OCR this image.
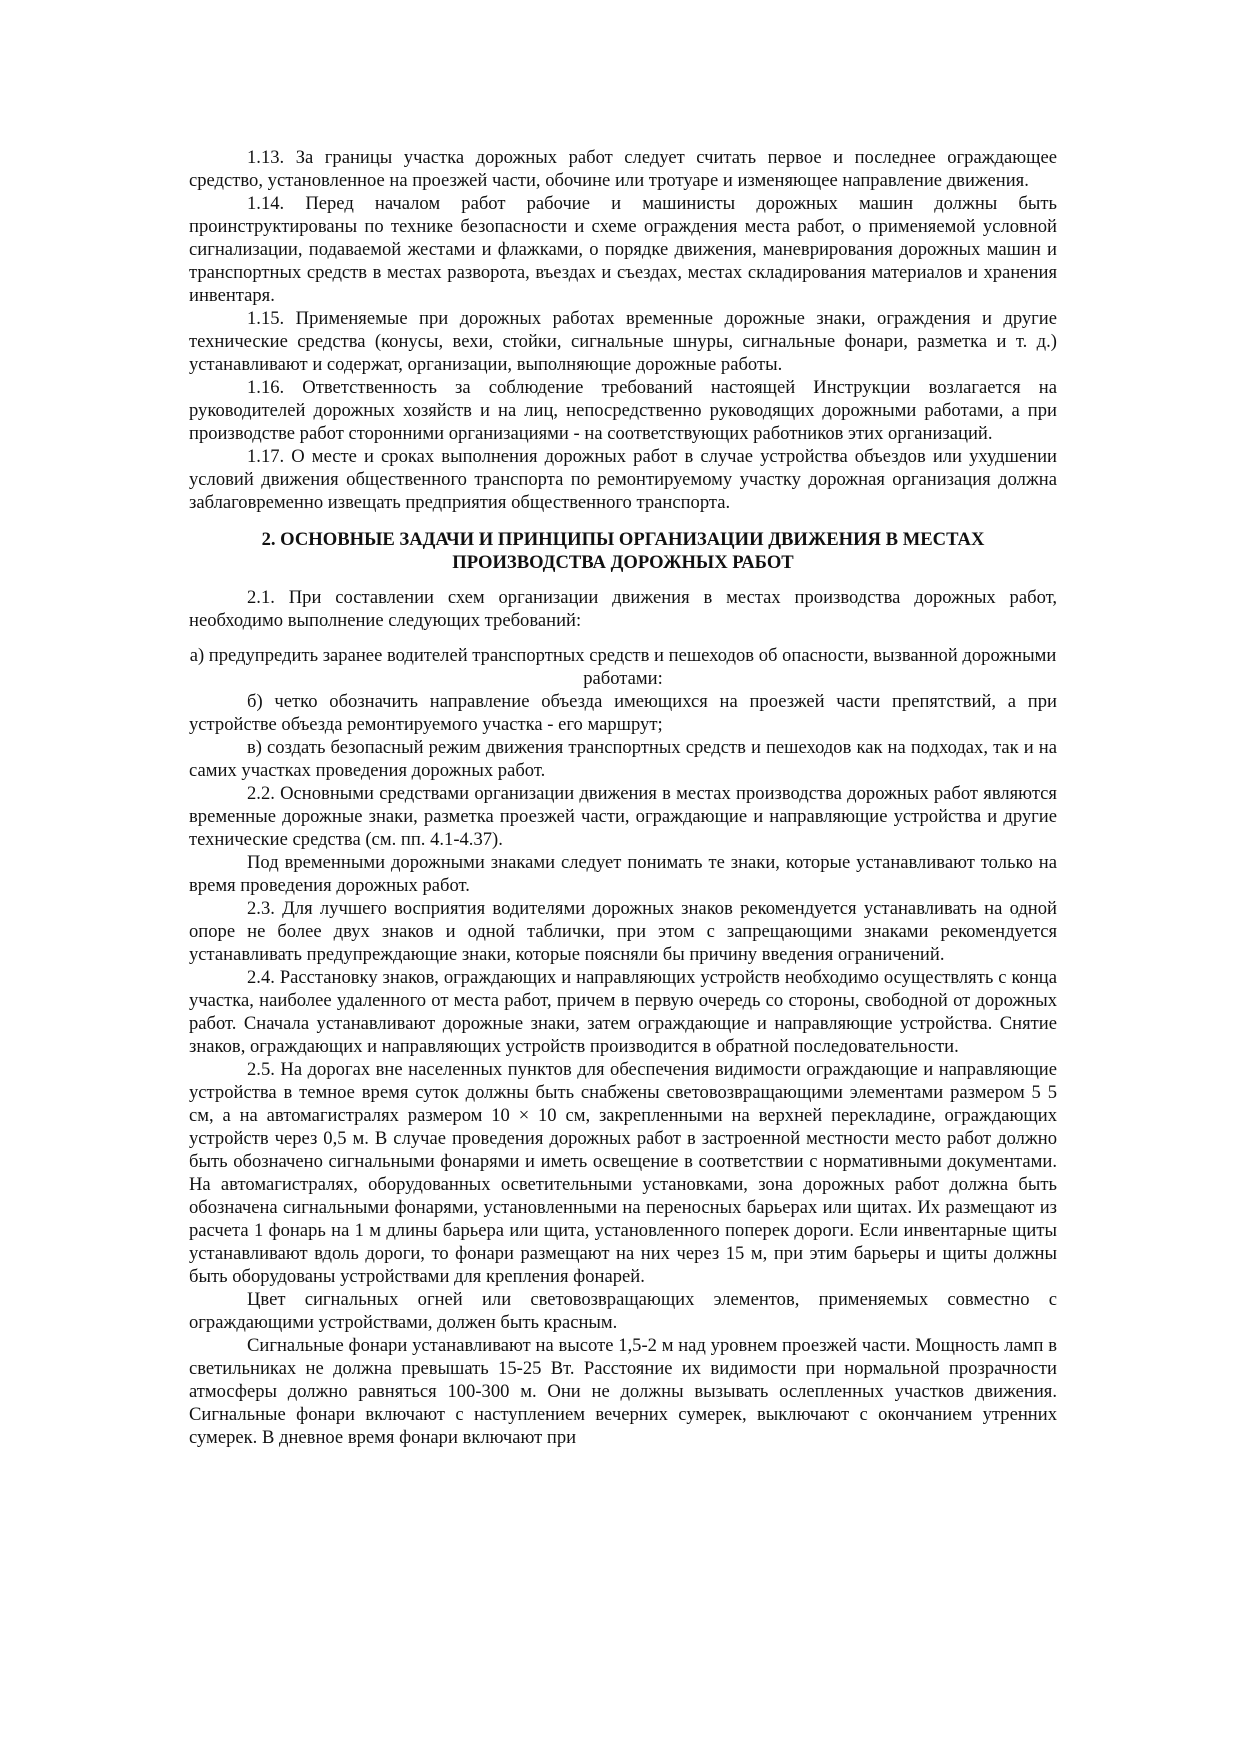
1.13. За границы участка дорожных работ следует считать первое и последнее ограждающее средство, установленное на проезжей части, обочине или тротуаре и изменяющее направление движения.

1.14. Перед началом работ рабочие и машинисты дорожных машин должны быть проинструктированы по технике безопасности и схеме ограждения места работ, о применяемой условной сигнализации, подаваемой жестами и флажками, о порядке движения, маневрирования дорожных машин и транспортных средств в местах разворота, въездах и съездах, местах складирования материалов и хранения инвентаря.

1.15. Применяемые при дорожных работах временные дорожные знаки, ограждения и другие технические средства (конусы, вехи, стойки, сигнальные шнуры, сигнальные фонари, разметка и т. д.) устанавливают и содержат, организации, выполняющие дорожные работы.

1.16. Ответственность за соблюдение требований настоящей Инструкции возлагается на руководителей дорожных хозяйств и на лиц, непосредственно руководящих дорожными работами, а при производстве работ сторонними организациями - на соответствующих работников этих организаций.

1.17. О месте и сроках выполнения дорожных работ в случае устройства объездов или ухудшении условий движения общественного транспорта по ремонтируемому участку дорожная организация должна заблаговременно извещать предприятия общественного транспорта.

2. ОСНОВНЫЕ ЗАДАЧИ И ПРИНЦИПЫ ОРГАНИЗАЦИИ ДВИЖЕНИЯ В МЕСТАХ ПРОИЗВОДСТВА ДОРОЖНЫХ РАБОТ

2.1. При составлении схем организации движения в местах производства дорожных работ, необходимо выполнение следующих требований:

а) предупредить заранее водителей транспортных средств и пешеходов об опасности, вызванной дорожными работами:

б) четко обозначить направление объезда имеющихся на проезжей части препятствий, а при устройстве объезда ремонтируемого участка - его маршрут;

в) создать безопасный режим движения транспортных средств и пешеходов как на подходах, так и на самих участках проведения дорожных работ.

2.2. Основными средствами организации движения в местах производства дорожных работ являются временные дорожные знаки, разметка проезжей части, ограждающие и направляющие устройства и другие технические средства (см. пп. 4.1-4.37).

Под временными дорожными знаками следует понимать те знаки, которые устанавливают только на время проведения дорожных работ.

2.3. Для лучшего восприятия водителями дорожных знаков рекомендуется устанавливать на одной опоре не более двух знаков и одной таблички, при этом с запрещающими знаками рекомендуется устанавливать предупреждающие знаки, которые поясняли бы причину введения ограничений.

2.4. Расстановку знаков, ограждающих и направляющих устройств необходимо осуществлять с конца участка, наиболее удаленного от места работ, причем в первую очередь со стороны, свободной от дорожных работ. Сначала устанавливают дорожные знаки, затем ограждающие и направляющие устройства. Снятие знаков, ограждающих и направляющих устройств производится в обратной последовательности.

2.5. На дорогах вне населенных пунктов для обеспечения видимости ограждающие и направляющие устройства в темное время суток должны быть снабжены световозвращающими элементами размером 5 5 см, а на автомагистралях размером 10 × 10 см, закрепленными на верхней перекладине, ограждающих устройств через 0,5 м. В случае проведения дорожных работ в застроенной местности место работ должно быть обозначено сигнальными фонарями и иметь освещение в соответствии с нормативными документами. На автомагистралях, оборудованных осветительными установками, зона дорожных работ должна быть обозначена сигнальными фонарями, установленными на переносных барьерах или щитах. Их размещают из расчета 1 фонарь на 1 м длины барьера или щита, установленного поперек дороги. Если инвентарные щиты устанавливают вдоль дороги, то фонари размещают на них через 15 м, при этим барьеры и щиты должны быть оборудованы устройствами для крепления фонарей.

Цвет сигнальных огней или световозвращающих элементов, применяемых совместно с ограждающими устройствами, должен быть красным.

Сигнальные фонари устанавливают на высоте 1,5-2 м над уровнем проезжей части. Мощность ламп в светильниках не должна превышать 15-25 Вт. Расстояние их видимости при нормальной прозрачности атмосферы должно равняться 100-300 м. Они не должны вызывать ослепленных участков движения. Сигнальные фонари включают с наступлением вечерних сумерек, выключают с окончанием утренних сумерек. В дневное время фонари включают при
